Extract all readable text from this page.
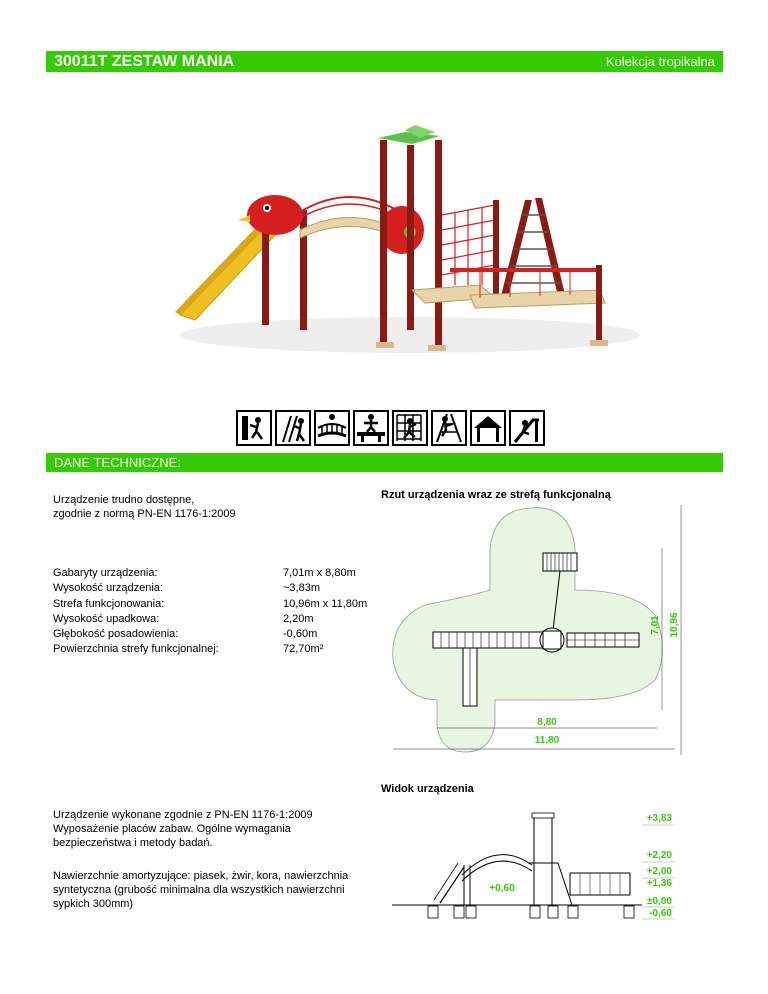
30011T ZESTAW MANIA	Kolekcja tropikalna
DANE TECHNICZNE:
Urządzenie trudno dostępne,
zgodnie z normą PN-EN 1176-1:2009
Gabaryty urządzenia:
Wysokość urządzenia:
Strefa funkcjonowania:
Wysokość upadkowa:
Głębokość posadowienia:
Powierzchnia strefy funkcjonalnej:
7,01m x 8,80m
~3,83m
10,96m x 11,80m
2,20m
-0,60m
72,70m²
Rzut urządzenia wraz ze strefą funkcjonalną
8,80
11,80
7,01 10,96
Widok urządzenia
+0,60
+3,83
+2,20
+2,00
+1,36
±0,00
-0,60
Urządzenie wykonane zgodnie z PN-EN 1176-1:2009
Wyposażenie placów zabaw. Ogólne wymagania
bezpieczeństwa i metody badań.
Nawierzchnie amortyzujące: piasek, żwir, kora, nawierzchnia
syntetyczna (grubość minimalna dla wszystkich nawierzchni
sypkich 300mm)
